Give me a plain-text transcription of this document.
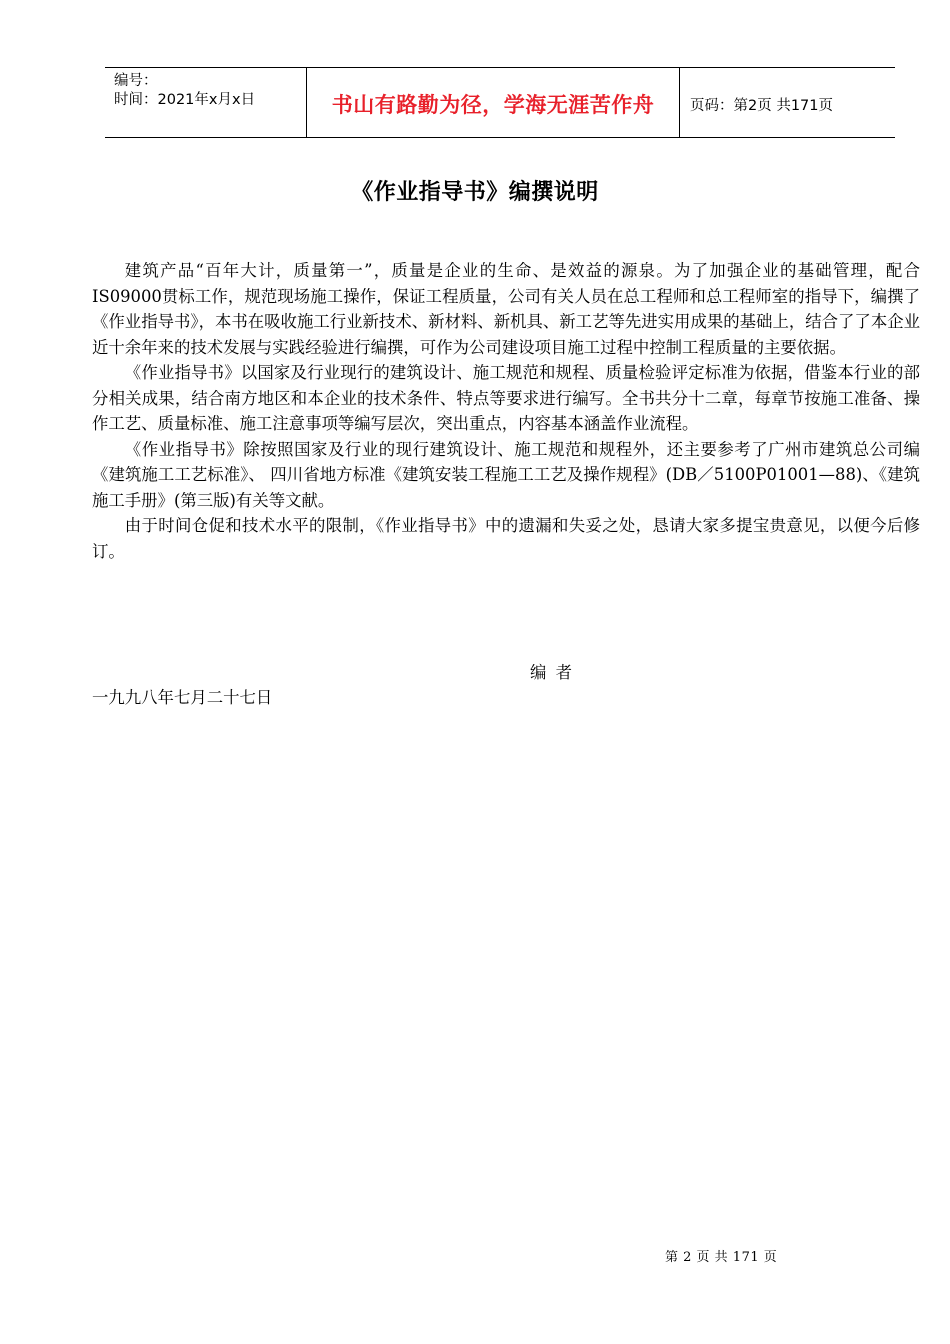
编号：
时间：2021年x月x日	书山有路勤为径，学海无涯苦作舟 页码：第2页 共171页
《作业指导书》编撰说明

建筑产品“百年大计，质量第一”，质量是企业的生命、是效益的源泉。为了加强企业的基础管理，配合IS09000贯标工作，规范现场施工操作，保证工程质量，公司有关人员在总工程师和总工程师室的指导下，编撰了《作业指导书》，本书在吸收施工行业新技术、新材料、新机具、新工艺等先进实用成果的基础上，结合了了本企业近十余年来的技术发展与实践经验进行编撰，可作为公司建设项目施工过程中控制工程质量的主要依据。

《作业指导书》以国家及行业现行的建筑设计、施工规范和规程、质量检验评定标准为依据，借鉴本行业的部分相关成果，结合南方地区和本企业的技术条件、特点等要求进行编写。全书共分十二章，每章节按施工准备、操作工艺、质量标准、施工注意事项等编写层次，突出重点，内容基本涵盖作业流程。

《作业指导书》除按照国家及行业的现行建筑设计、施工规范和规程外，还主要参考了广州市建筑总公司编《建筑施工工艺标准》、 四川省地方标准《建筑安装工程施工工艺及操作规程》(DB／5100P01001—88)、《建筑施工手册》(第三版)有关等文献。

由于时间仓促和技术水平的限制，《作业指导书》中的遗漏和失妥之处，恳请大家多提宝贵意见，以便今后修订。

编 者
一九九八年七月二十七日
第 2 页 共 171 页
